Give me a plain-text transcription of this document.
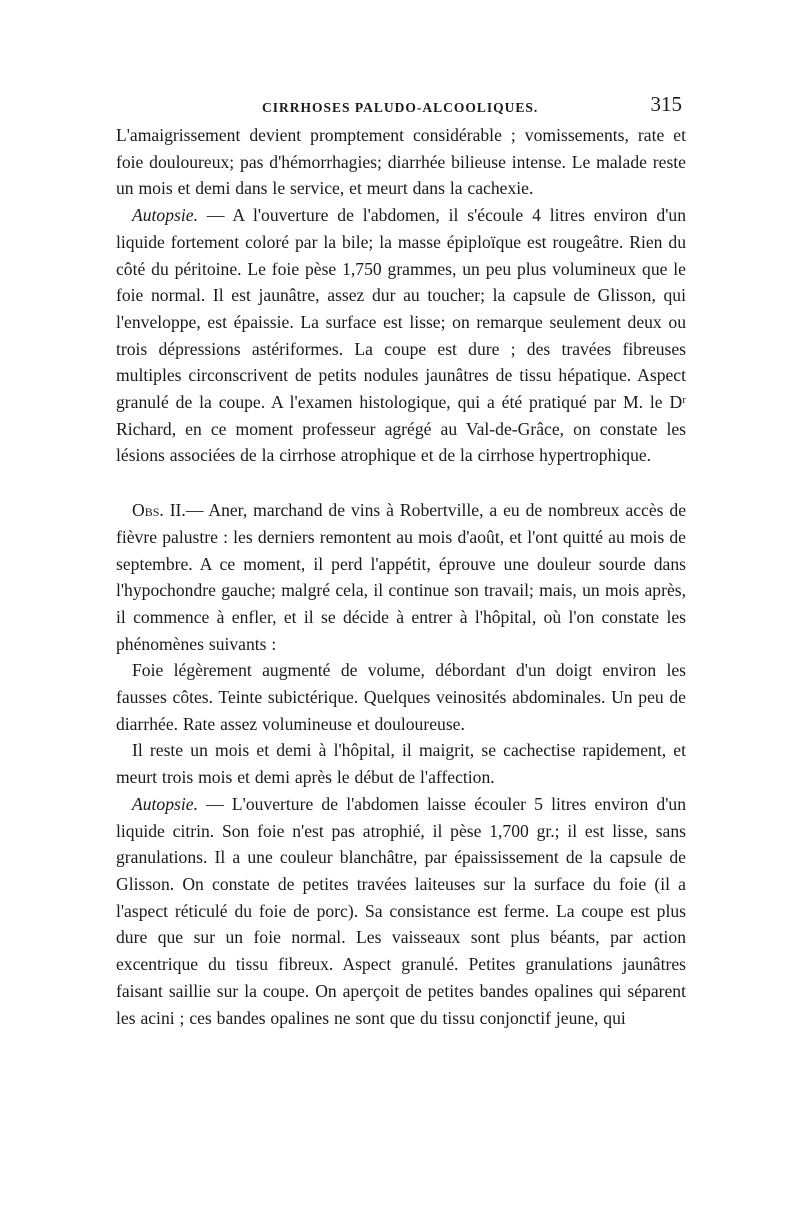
CIRRHOSES PALUDO-ALCOOLIQUES.	315

L'amaigrissement devient promptement considérable ; vomissements, rate et foie douloureux; pas d'hémorrhagies; diarrhée bilieuse intense. Le malade reste un mois et demi dans le service, et meurt dans la cachexie.

Autopsie. — A l'ouverture de l'abdomen, il s'écoule 4 litres environ d'un liquide fortement coloré par la bile; la masse épiploïque est rougeâtre. Rien du côté du péritoine. Le foie pèse 1,750 grammes, un peu plus volumineux que le foie normal. Il est jaunâtre, assez dur au toucher; la capsule de Glisson, qui l'enveloppe, est épaissie. La surface est lisse; on remarque seulement deux ou trois dépressions astériformes. La coupe est dure ; des travées fibreuses multiples circonscrivent de petits nodules jaunâtres de tissu hépatique. Aspect granulé de la coupe. A l'examen histologique, qui a été pratiqué par M. le Dʳ Richard, en ce moment professeur agrégé au Val-de-Grâce, on constate les lésions associées de la cirrhose atrophique et de la cirrhose hypertrophique.

Obs. II.— Aner, marchand de vins à Robertville, a eu de nombreux accès de fièvre palustre : les derniers remontent au mois d'août, et l'ont quitté au mois de septembre. A ce moment, il perd l'appétit, éprouve une douleur sourde dans l'hypochondre gauche; malgré cela, il continue son travail; mais, un mois après, il commence à enfler, et il se décide à entrer à l'hôpital, où l'on constate les phénomènes suivants :

Foie légèrement augmenté de volume, débordant d'un doigt environ les fausses côtes. Teinte subictérique. Quelques veinosités abdominales. Un peu de diarrhée. Rate assez volumineuse et douloureuse.

Il reste un mois et demi à l'hôpital, il maigrit, se cachectise rapidement, et meurt trois mois et demi après le début de l'affection.

Autopsie. — L'ouverture de l'abdomen laisse écouler 5 litres environ d'un liquide citrin. Son foie n'est pas atrophié, il pèse 1,700 gr.; il est lisse, sans granulations. Il a une couleur blanchâtre, par épaississement de la capsule de Glisson. On constate de petites travées laiteuses sur la surface du foie (il a l'aspect réticulé du foie de porc). Sa consistance est ferme. La coupe est plus dure que sur un foie normal. Les vaisseaux sont plus béants, par action excentrique du tissu fibreux. Aspect granulé. Petites granulations jaunâtres faisant saillie sur la coupe. On aperçoit de petites bandes opalines qui séparent les acini ; ces bandes opalines ne sont que du tissu conjonctif jeune, qui
